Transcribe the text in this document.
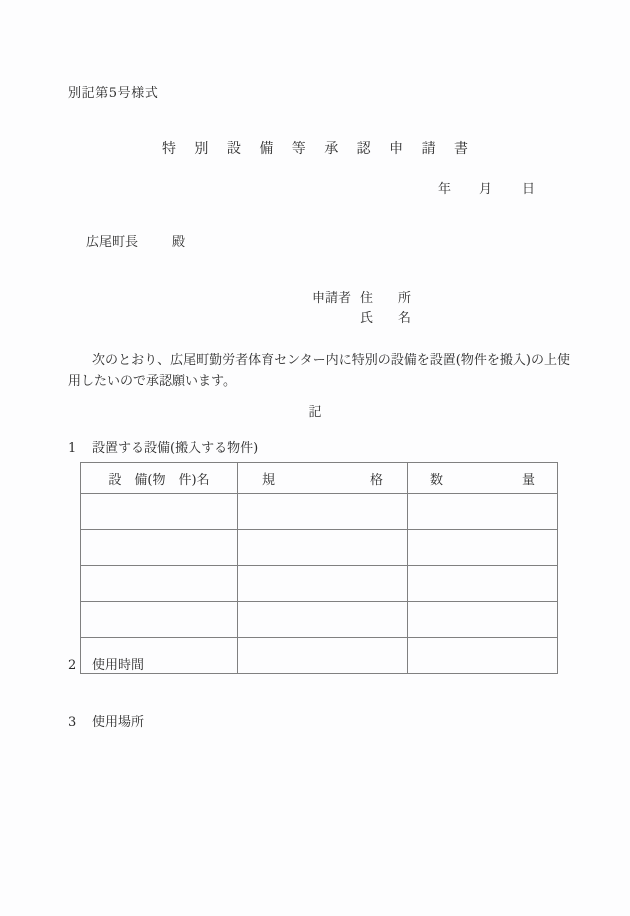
別記第5号様式
特 別 設 備 等 承 認 申 請 書
年 月 日
広尾町長	殿
申請者 住　所
氏　名
次のとおり、広尾町勤労者体育センター内に特別の設備を設置(物件を搬入)の上使用したいので承認願います。
記
1 設置する設備(搬入する物件)
設　備(物　件)名	規 格	数 量

2 使用時間
3 使用場所
